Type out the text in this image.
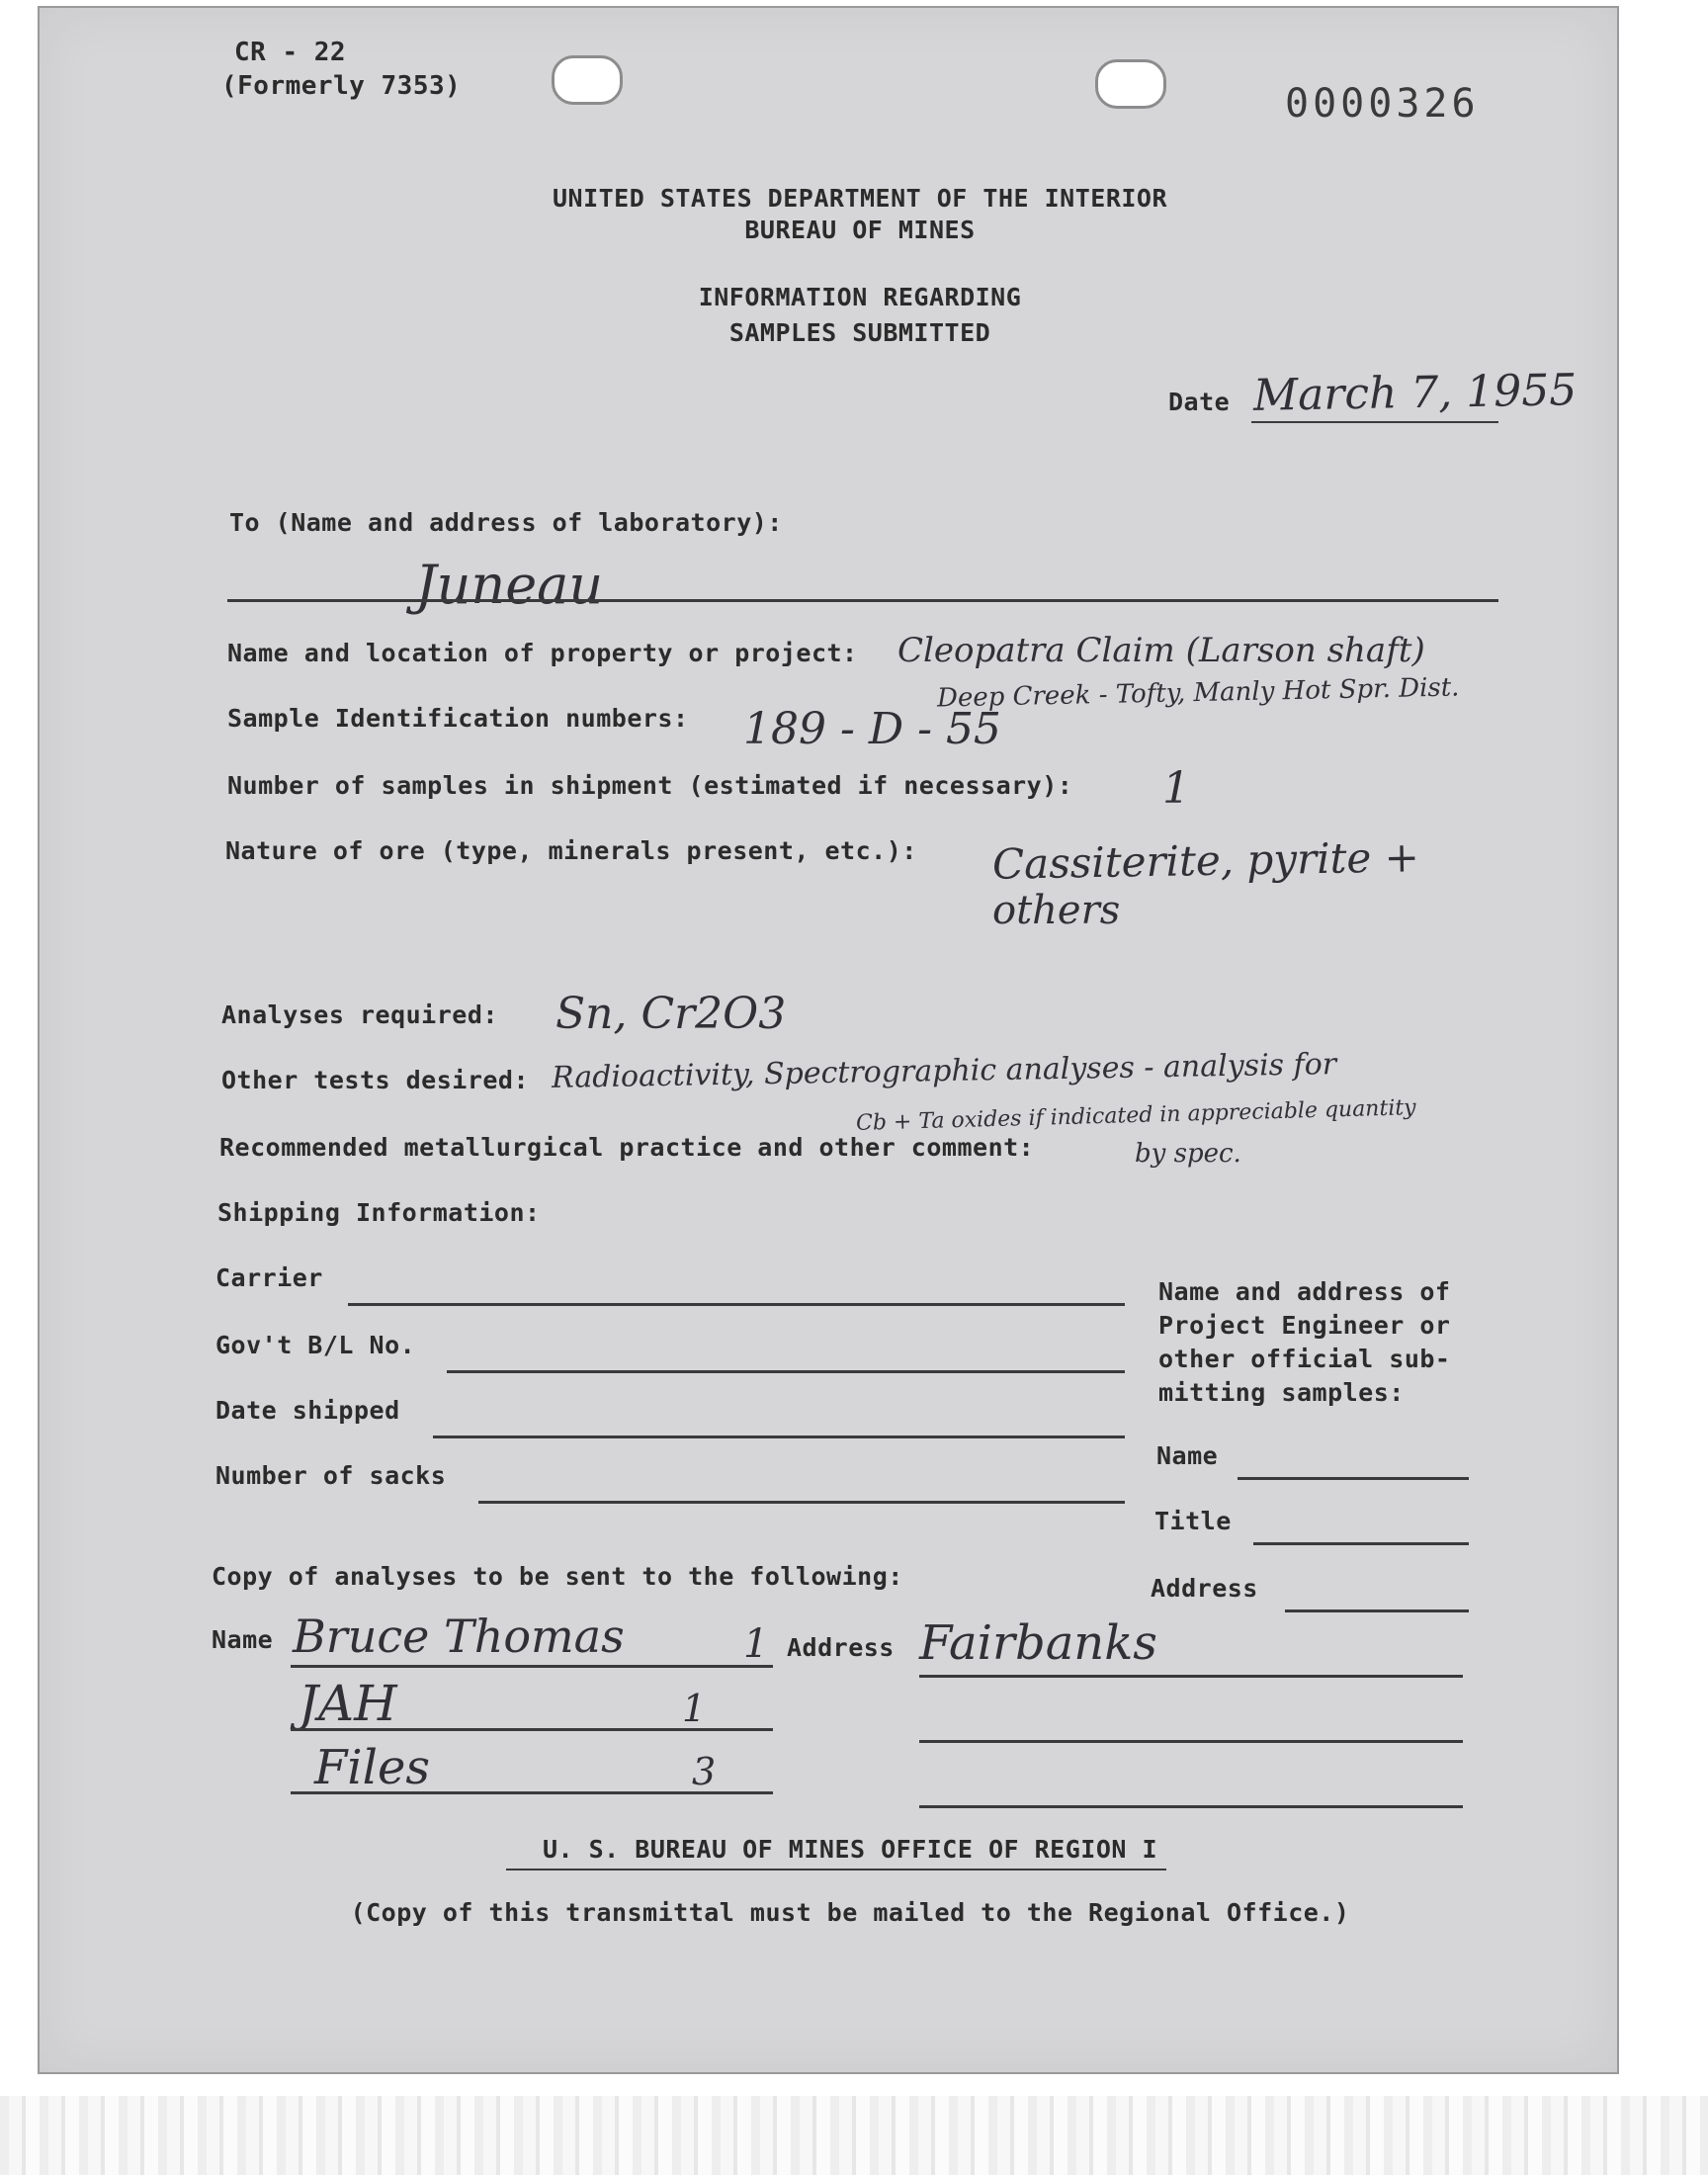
CR - 22
(Formerly 7353)	0000326
UNITED STATES DEPARTMENT OF THE INTERIOR
BUREAU OF MINES
INFORMATION REGARDING
SAMPLES SUBMITTED
Date March 7, 1955
To (Name and address of laboratory):
Juneau
Name and location of property or project: Cleopatra Claim (Larson shaft)
Deep Creek - Tofty, Manly Hot Spr. Dist.
Sample Identification numbers: 189 - D - 55
Number of samples in shipment (estimated if necessary): 1
Nature of ore (type, minerals present, etc.): Cassiterite, pyrite +
others
Analyses required: Sn, Cr2O3
Other tests desired: Radioactivity, Spectrographic analyses - analysis for
Cb + Ta oxides if indicated in appreciable quantity
Recommended metallurgical practice and other comment:	by spec.
Shipping Information:
Carrier
Gov't B/L No.
Date shipped
Number of sacks
Name and address of
Project Engineer or
other official sub-
mitting samples:
Name
Title
Address
Copy of analyses to be sent to the following:
Name	Address
Bruce Thomas	1	Fairbanks
JAH	1
Files	3
U. S. BUREAU OF MINES OFFICE OF REGION I
(Copy of this transmittal must be mailed to the Regional Office.)
